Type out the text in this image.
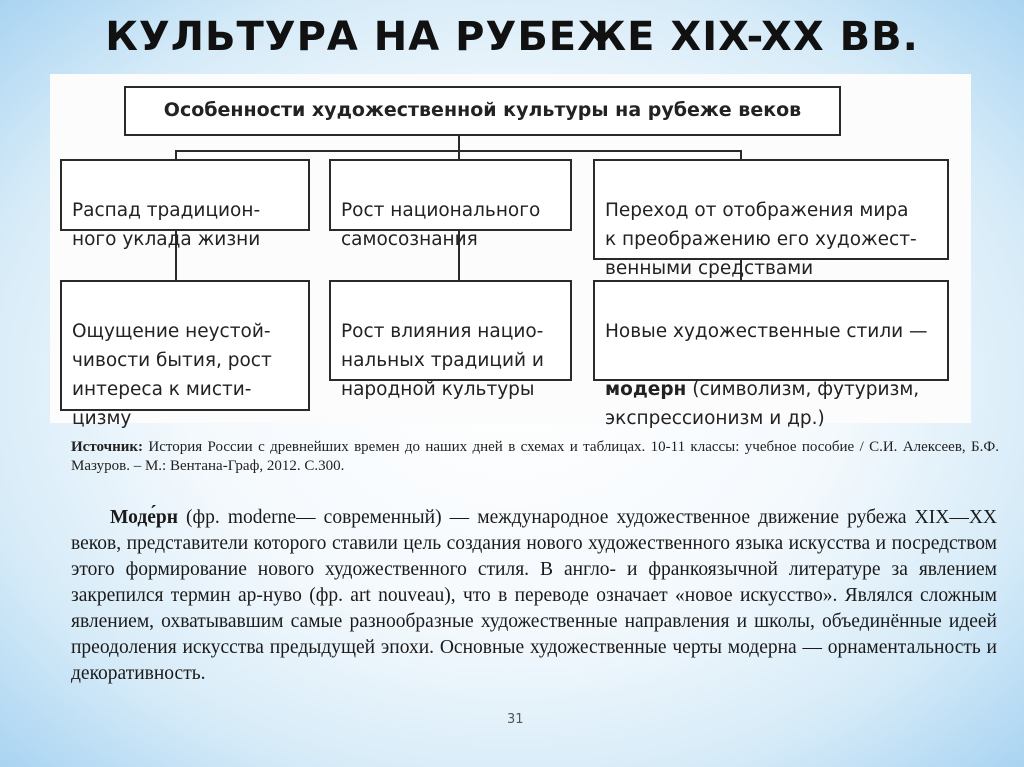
КУЛЬТУРА НА РУБЕЖЕ XIX-XX ВВ.
Особенности художественной культуры на рубеже веков

Распад традицион-
ного уклада жизни

Рост национального
самосознания

Переход от отображения мира
к преображению его художест-
венными средствами

Ощущение неустой-
чивости бытия, рост
интереса к мисти-
цизму

Рост влияния нацио-
нальных традиций и
народной культуры

Новые художественные стили —

модерн (символизм, футуризм,
экспрессионизм и др.)

Источник: История России с древнейших времен до наших дней в схемах и таблицах. 10-11 классы: учебное пособие / С.И. Алексеев, Б.Ф. Мазуров. – М.: Вентана-Граф, 2012. С.300.
Моде́рн (фр. moderne— современный) — международное художественное движение рубежа XIX—XX веков, представители которого ставили цель создания нового художественного языка искусства и посредством этого формирование нового художественного стиля. В англо- и франкоязычной литературе за явлением закрепился термин ар-нуво (фр. art nouveau), что в переводе означает «новое искусство». Являлся сложным явлением, охватывавшим самые разнообразные художественные направления и школы, объединённые идеей преодоления искусства предыдущей эпохи. Основные художественные черты модерна — орнаментальность и декоративность.
31
